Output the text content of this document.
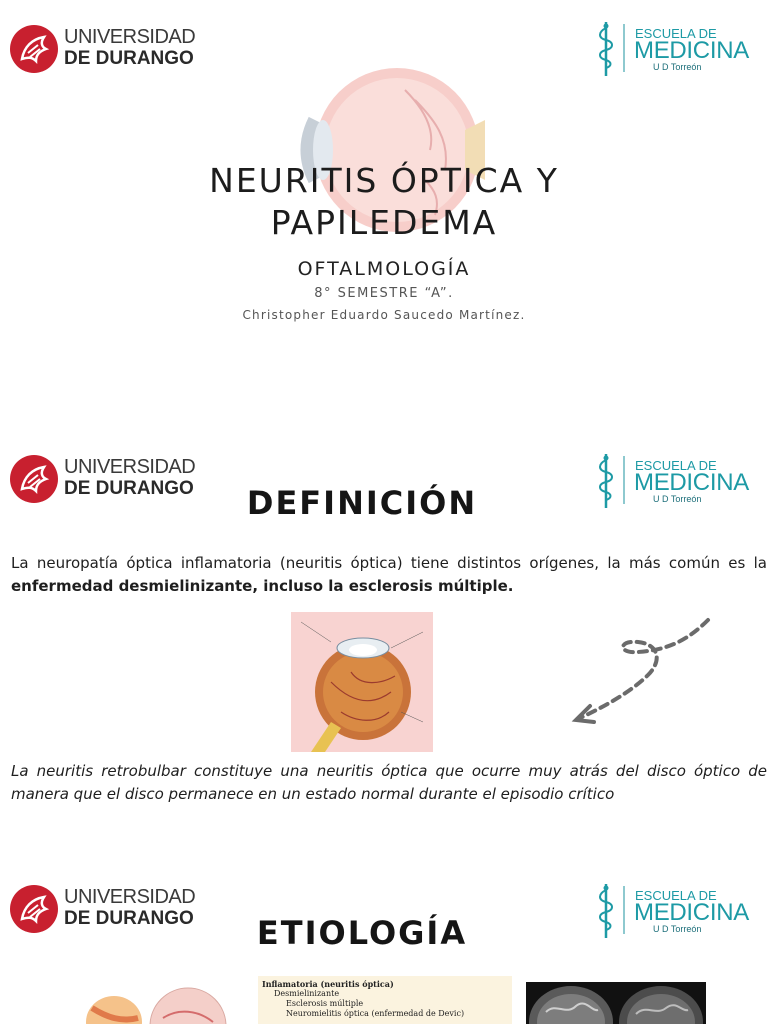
UNIVERSIDAD
DE DURANGO
ESCUELA DE
MEDICINA
U D Torreón
NEURITIS ÓPTICA Y
PAPILEDEMA
OFTALMOLOGÍA
8° SEMESTRE “A”.
Christopher Eduardo Saucedo Martínez.
UNIVERSIDAD
DE DURANGO
ESCUELA DE
MEDICINA
U D Torreón
DEFINICIÓN

La neuropatía óptica inflamatoria (neuritis óptica) tiene distintos orígenes, la más común es la enfermedad desmielinizante, incluso la esclerosis múltiple.

La neuritis retrobulbar constituye una neuritis óptica que ocurre muy atrás del disco óptico de manera que el disco permanece en un estado normal durante el episodio crítico

UNIVERSIDAD
DE DURANGO
ESCUELA DE
MEDICINA
U D Torreón
ETIOLOGÍA
Inflamatoria (neuritis óptica)
Desmielinizante
Esclerosis múltiple
Neuromielitis óptica (enfermedad de Devic)
